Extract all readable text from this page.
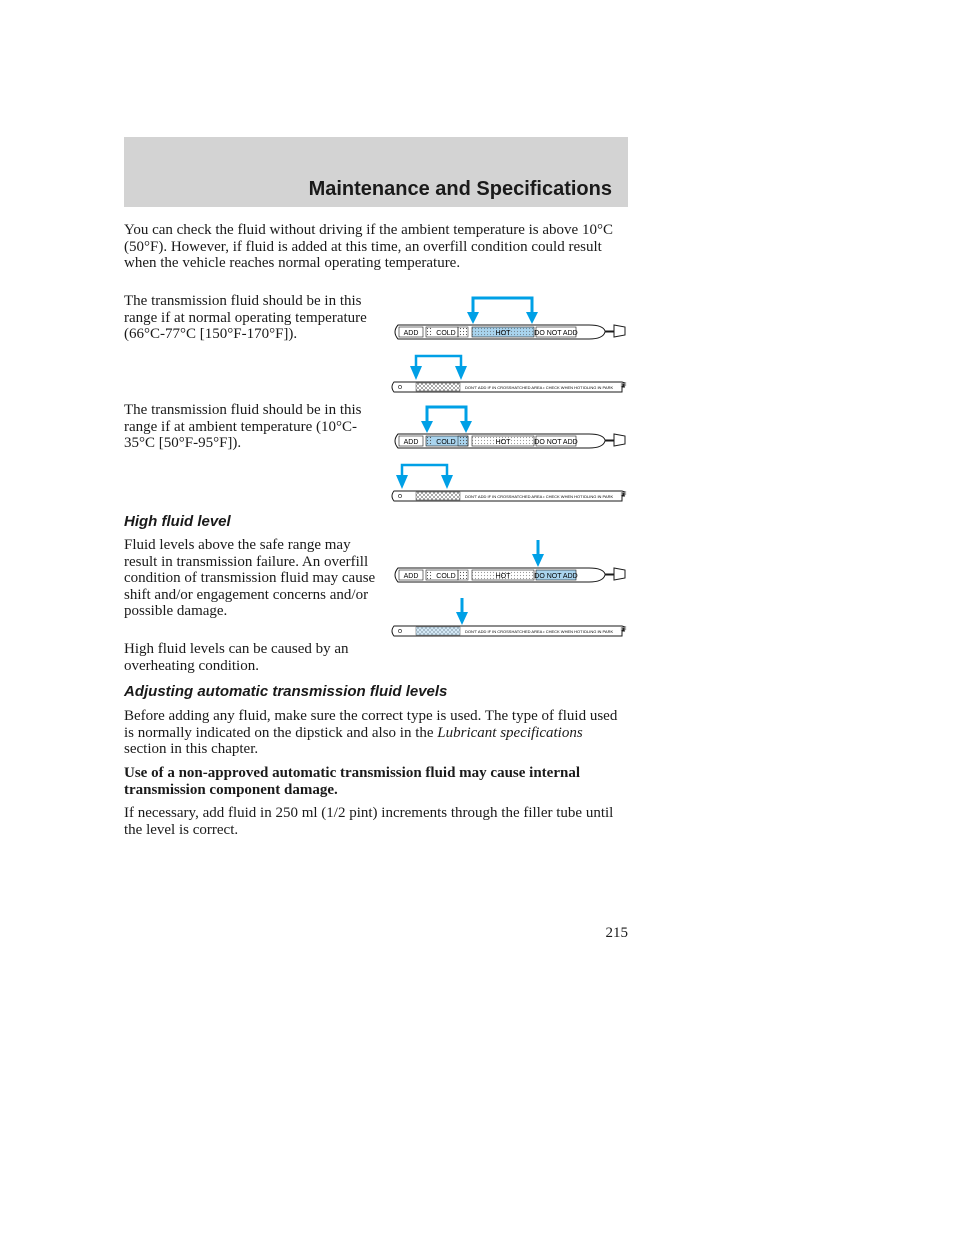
Maintenance and Specifications

You can check the fluid without driving if the ambient temperature is above 10°C (50°F). However, if fluid is added at this time, an overfill condition could result when the vehicle reaches normal operating temperature.

The transmission fluid should be in this range if at normal operating temperature (66°C-77°C [150°F-170°F]).

The transmission fluid should be in this range if at ambient temperature (10°C-35°C [50°F-95°F]).

High fluid level

Fluid levels above the safe range may result in transmission failure. An overfill condition of transmission fluid may cause shift and/or engagement concerns and/or possible damage.

High fluid levels can be caused by an overheating condition.

Adjusting automatic transmission fluid levels

Before adding any fluid, make sure the correct type is used. The type of fluid used is normally indicated on the dipstick and also in the Lubricant specifications section in this chapter.

Use of a non-approved automatic transmission fluid may cause internal transmission component damage.

If necessary, add fluid in 250 ml (1/2 pint) increments through the filler tube until the level is correct.

215
ADD	COLD	HOT	DO NOT ADD
DON'T ADD IF IN CROSSHATCHED AREA • CHECK WHEN HOT IDLING IN PARK
ADD	COLD	HOT	DO NOT ADD
DON'T ADD IF IN CROSSHATCHED AREA • CHECK WHEN HOT IDLING IN PARK
ADD	COLD	HOT	DO NOT ADD
DON'T ADD IF IN CROSSHATCHED AREA • CHECK WHEN HOT IDLING IN PARK
